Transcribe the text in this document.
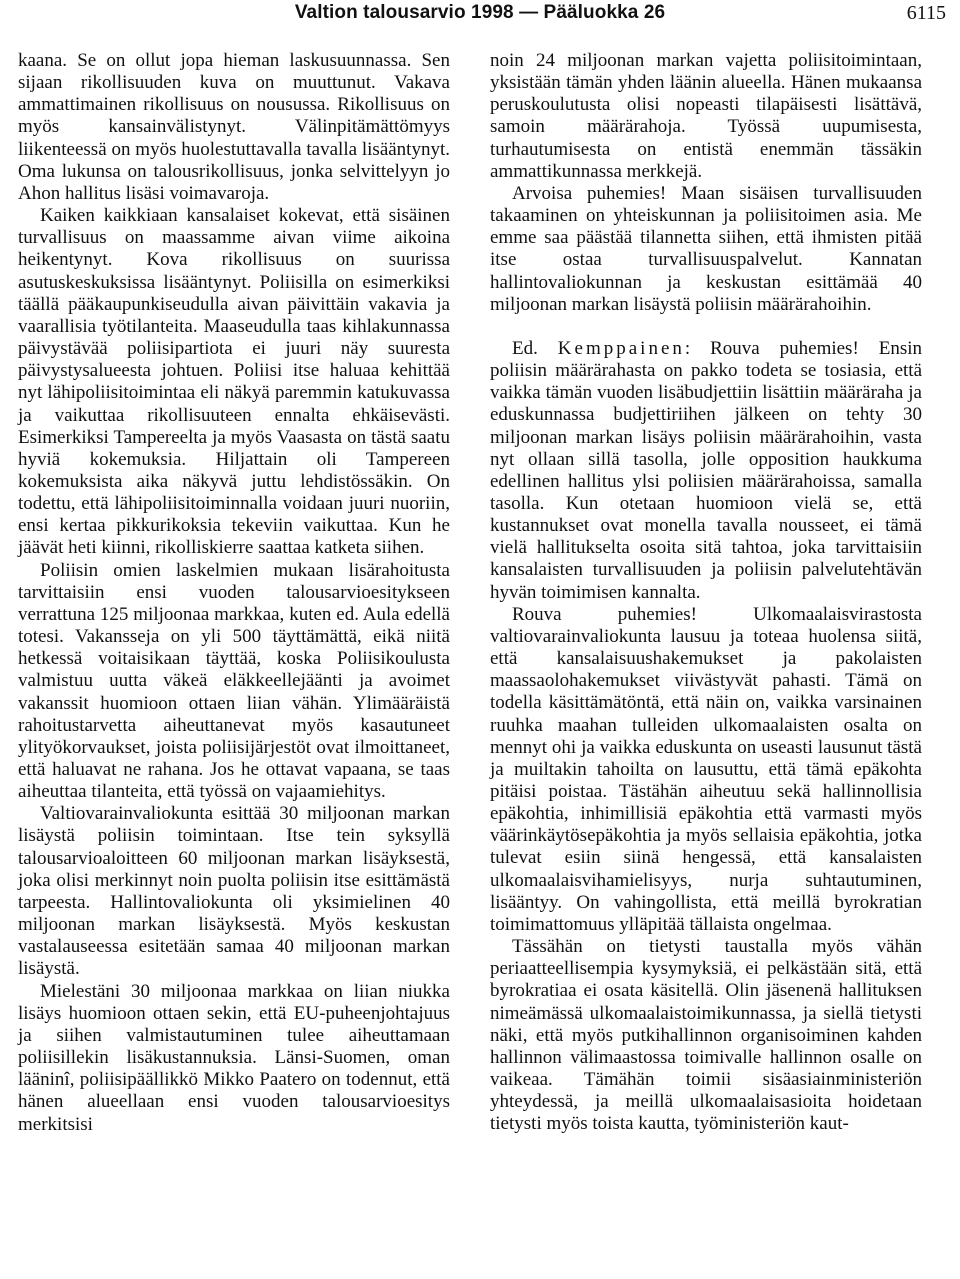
Valtion talousarvio 1998 — Pääluokka 26	6115

kaana. Se on ollut jopa hieman laskusuunnassa. Sen sijaan rikollisuuden kuva on muuttunut. Vakava ammattimainen rikollisuus on nousussa. Rikollisuus on myös kansainvälistynyt. Välinpitämättömyys liikenteessä on myös huolestuttavalla tavalla lisääntynyt. Oma lukunsa on talousrikollisuus, jonka selvittelyyn jo Ahon hallitus lisäsi voimavaroja.

Kaiken kaikkiaan kansalaiset kokevat, että sisäinen turvallisuus on maassamme aivan viime aikoina heikentynyt. Kova rikollisuus on suurissa asutuskeskuksissa lisääntynyt. Poliisilla on esimerkiksi täällä pääkaupunkiseudulla aivan päivittäin vakavia ja vaarallisia työtilanteita. Maaseudulla taas kihlakunnassa päivystävää poliisipartiota ei juuri näy suuresta päivystysalueesta johtuen. Poliisi itse haluaa kehittää nyt lähipoliisitoimintaa eli näkyä paremmin katukuvassa ja vaikuttaa rikollisuuteen ennalta ehkäisevästi. Esimerkiksi Tampereelta ja myös Vaasasta on tästä saatu hyviä kokemuksia. Hiljattain oli Tampereen kokemuksista aika näkyvä juttu lehdistössäkin. On todettu, että lähipoliisitoiminnalla voidaan juuri nuoriin, ensi kertaa pikkurikoksia tekeviin vaikuttaa. Kun he jäävät heti kiinni, rikolliskierre saattaa katketa siihen.

Poliisin omien laskelmien mukaan lisärahoitusta tarvittaisiin ensi vuoden talousarvioesitykseen verrattuna 125 miljoonaa markkaa, kuten ed. Aula edellä totesi. Vakansseja on yli 500 täyttämättä, eikä niitä hetkessä voitaisikaan täyttää, koska Poliisikoulusta valmistuu uutta väkeä eläkkeellejäänti ja avoimet vakanssit huomioon ottaen liian vähän. Ylimääräistä rahoitustarvetta aiheuttanevat myös kasautuneet ylityökorvaukset, joista poliisijärjestöt ovat ilmoittaneet, että haluavat ne rahana. Jos he ottavat vapaana, se taas aiheuttaa tilanteita, että työssä on vajaamiehitys.

Valtiovarainvaliokunta esittää 30 miljoonan markan lisäystä poliisin toimintaan. Itse tein syksyllä talousarvioaloitteen 60 miljoonan markan lisäyksestä, joka olisi merkinnyt noin puolta poliisin itse esittämästä tarpeesta. Hallintovaliokunta oli yksimielinen 40 miljoonan markan lisäyksestä. Myös keskustan vastalauseessa esitetään samaa 40 miljoonan markan lisäystä.

Mielestäni 30 miljoonaa markkaa on liian niukka lisäys huomioon ottaen sekin, että EU-puheenjohtajuus ja siihen valmistautuminen tulee aiheuttamaan poliisillekin lisäkustannuksia. Länsi-Suomen, oman lääninî, poliisipäällikkö Mikko Paatero on todennut, että hänen alueellaan ensi vuoden talousarvioesitys merkitsisi

noin 24 miljoonan markan vajetta poliisitoimintaan, yksistään tämän yhden läänin alueella. Hänen mukaansa peruskoulutusta olisi nopeasti tilapäisesti lisättävä, samoin määrärahoja. Työssä uupumisesta, turhautumisesta on entistä enemmän tässäkin ammattikunnassa merkkejä.

Arvoisa puhemies! Maan sisäisen turvallisuuden takaaminen on yhteiskunnan ja poliisitoimen asia. Me emme saa päästää tilannetta siihen, että ihmisten pitää itse ostaa turvallisuuspalvelut. Kannatan hallintovaliokunnan ja keskustan esittämää 40 miljoonan markan lisäystä poliisin määrärahoihin.

Ed. Kemppainen: Rouva puhemies! Ensin poliisin määrärahasta on pakko todeta se tosiasia, että vaikka tämän vuoden lisäbudjettiin lisättiin määräraha ja eduskunnassa budjettiriihen jälkeen on tehty 30 miljoonan markan lisäys poliisin määrärahoihin, vasta nyt ollaan sillä tasolla, jolle opposition haukkuma edellinen hallitus ylsi poliisien määrärahoissa, samalla tasolla. Kun otetaan huomioon vielä se, että kustannukset ovat monella tavalla nousseet, ei tämä vielä hallitukselta osoita sitä tahtoa, joka tarvittaisiin kansalaisten turvallisuuden ja poliisin palvelutehtävän hyvän toimimisen kannalta.

Rouva puhemies! Ulkomaalaisvirastosta valtiovarainvaliokunta lausuu ja toteaa huolensa siitä, että kansalaisuushakemukset ja pakolaisten maassaolohakemukset viivästyvät pahasti. Tämä on todella käsittämätöntä, että näin on, vaikka varsinainen ruuhka maahan tulleiden ulkomaalaisten osalta on mennyt ohi ja vaikka eduskunta on useasti lausunut tästä ja muiltakin tahoilta on lausuttu, että tämä epäkohta pitäisi poistaa. Tästähän aiheutuu sekä hallinnollisia epäkohtia, inhimillisiä epäkohtia että varmasti myös väärinkäytösepäkohtia ja myös sellaisia epäkohtia, jotka tulevat esiin siinä hengessä, että kansalaisten ulkomaalaisvihamielisyys, nurja suhtautuminen, lisääntyy. On vahingollista, että meillä byrokratian toimimattomuus ylläpitää tällaista ongelmaa.

Tässähän on tietysti taustalla myös vähän periaatteellisempia kysymyksiä, ei pelkästään sitä, että byrokratiaa ei osata käsitellä. Olin jäsenenä hallituksen nimeämässä ulkomaalaistoimikunnassa, ja siellä tietysti näki, että myös putkihallinnon organisoiminen kahden hallinnon välimaastossa toimivalle hallinnon osalle on vaikeaa. Tämähän toimii sisäasiainministeriön yhteydessä, ja meillä ulkomaalaisasioita hoidetaan tietysti myös toista kautta, työministeriön kaut-
